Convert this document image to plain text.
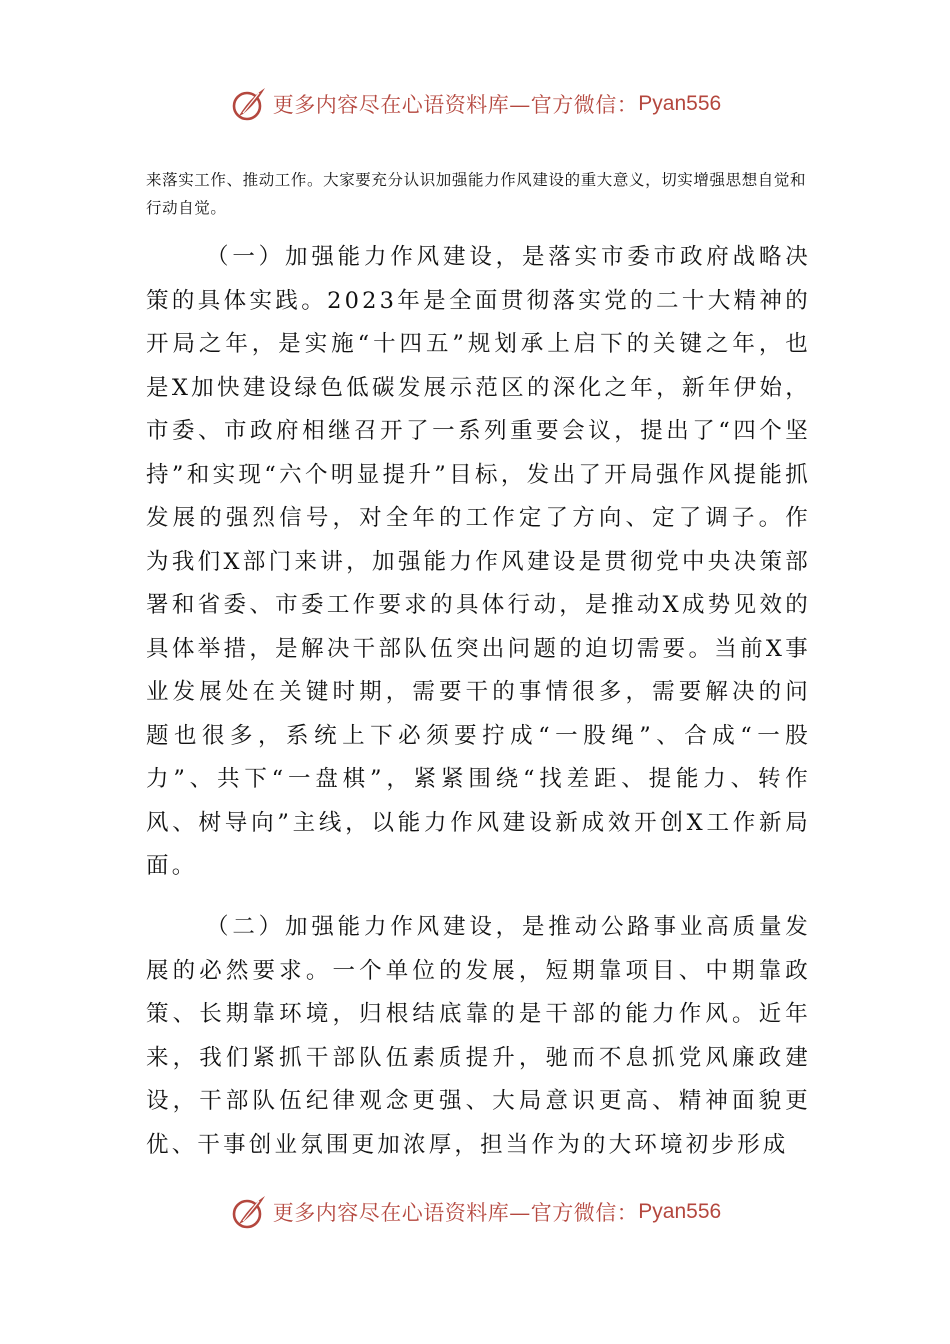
更多内容尽在心语资料库—官方微信： Pyan556

来落实工作、推动工作。大家要充分认识加强能力作风建设的重大意义，切实增强思想自觉和行动自觉。

（一）加强能力作风建设，是落实市委市政府战略决策的具体实践。2023年是全面贯彻落实党的二十大精神的开局之年，是实施“十四五”规划承上启下的关键之年，也是X加快建设绿色低碳发展示范区的深化之年，新年伊始，市委、市政府相继召开了一系列重要会议，提出了“四个坚持”和实现“六个明显提升”目标，发出了开局强作风提能抓发展的强烈信号，对全年的工作定了方向、定了调子。作为我们X部门来讲，加强能力作风建设是贯彻党中央决策部署和省委、市委工作要求的具体行动，是推动X成势见效的具体举措，是解决干部队伍突出问题的迫切需要。当前X事业发展处在关键时期，需要干的事情很多，需要解决的问题也很多，系统上下必须要拧成“一股绳”、合成“一股力”、共下“一盘棋”，紧紧围绕“找差距、提能力、转作风、树导向”主线，以能力作风建设新成效开创X工作新局面。

（二）加强能力作风建设，是推动公路事业高质量发展的必然要求。一个单位的发展，短期靠项目、中期靠政策、长期靠环境，归根结底靠的是干部的能力作风。近年来，我们紧抓干部队伍素质提升，驰而不息抓党风廉政建设，干部队伍纪律观念更强、大局意识更高、精神面貌更优、干事创业氛围更加浓厚，担当作为的大环境初步形成

更多内容尽在心语资料库—官方微信： Pyan556
